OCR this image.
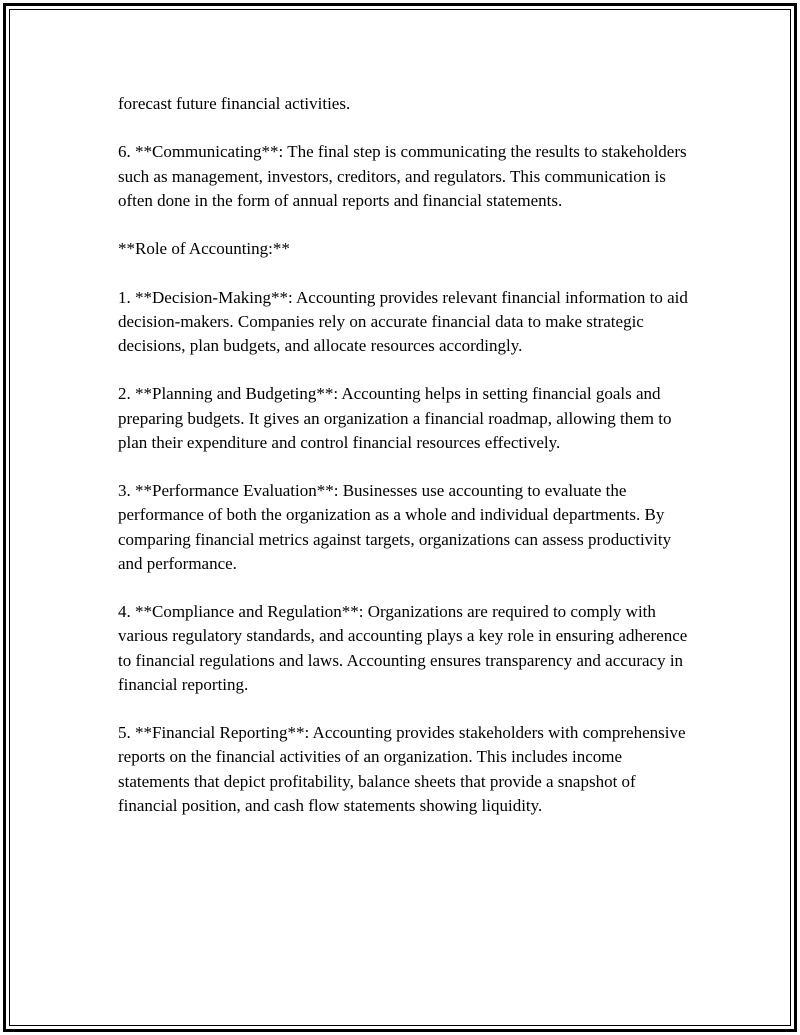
forecast future financial activities.

6. **Communicating**: The final step is communicating the results to stakeholders such as management, investors, creditors, and regulators. This communication is often done in the form of annual reports and financial statements.

**Role of Accounting:**

1. **Decision-Making**: Accounting provides relevant financial information to aid decision-makers. Companies rely on accurate financial data to make strategic decisions, plan budgets, and allocate resources accordingly.

2. **Planning and Budgeting**: Accounting helps in setting financial goals and preparing budgets. It gives an organization a financial roadmap, allowing them to plan their expenditure and control financial resources effectively.

3. **Performance Evaluation**: Businesses use accounting to evaluate the performance of both the organization as a whole and individual departments. By comparing financial metrics against targets, organizations can assess productivity and performance.

4. **Compliance and Regulation**: Organizations are required to comply with various regulatory standards, and accounting plays a key role in ensuring adherence to financial regulations and laws. Accounting ensures transparency and accuracy in financial reporting.

5. **Financial Reporting**: Accounting provides stakeholders with comprehensive reports on the financial activities of an organization. This includes income statements that depict profitability, balance sheets that provide a snapshot of financial position, and cash flow statements showing liquidity.
